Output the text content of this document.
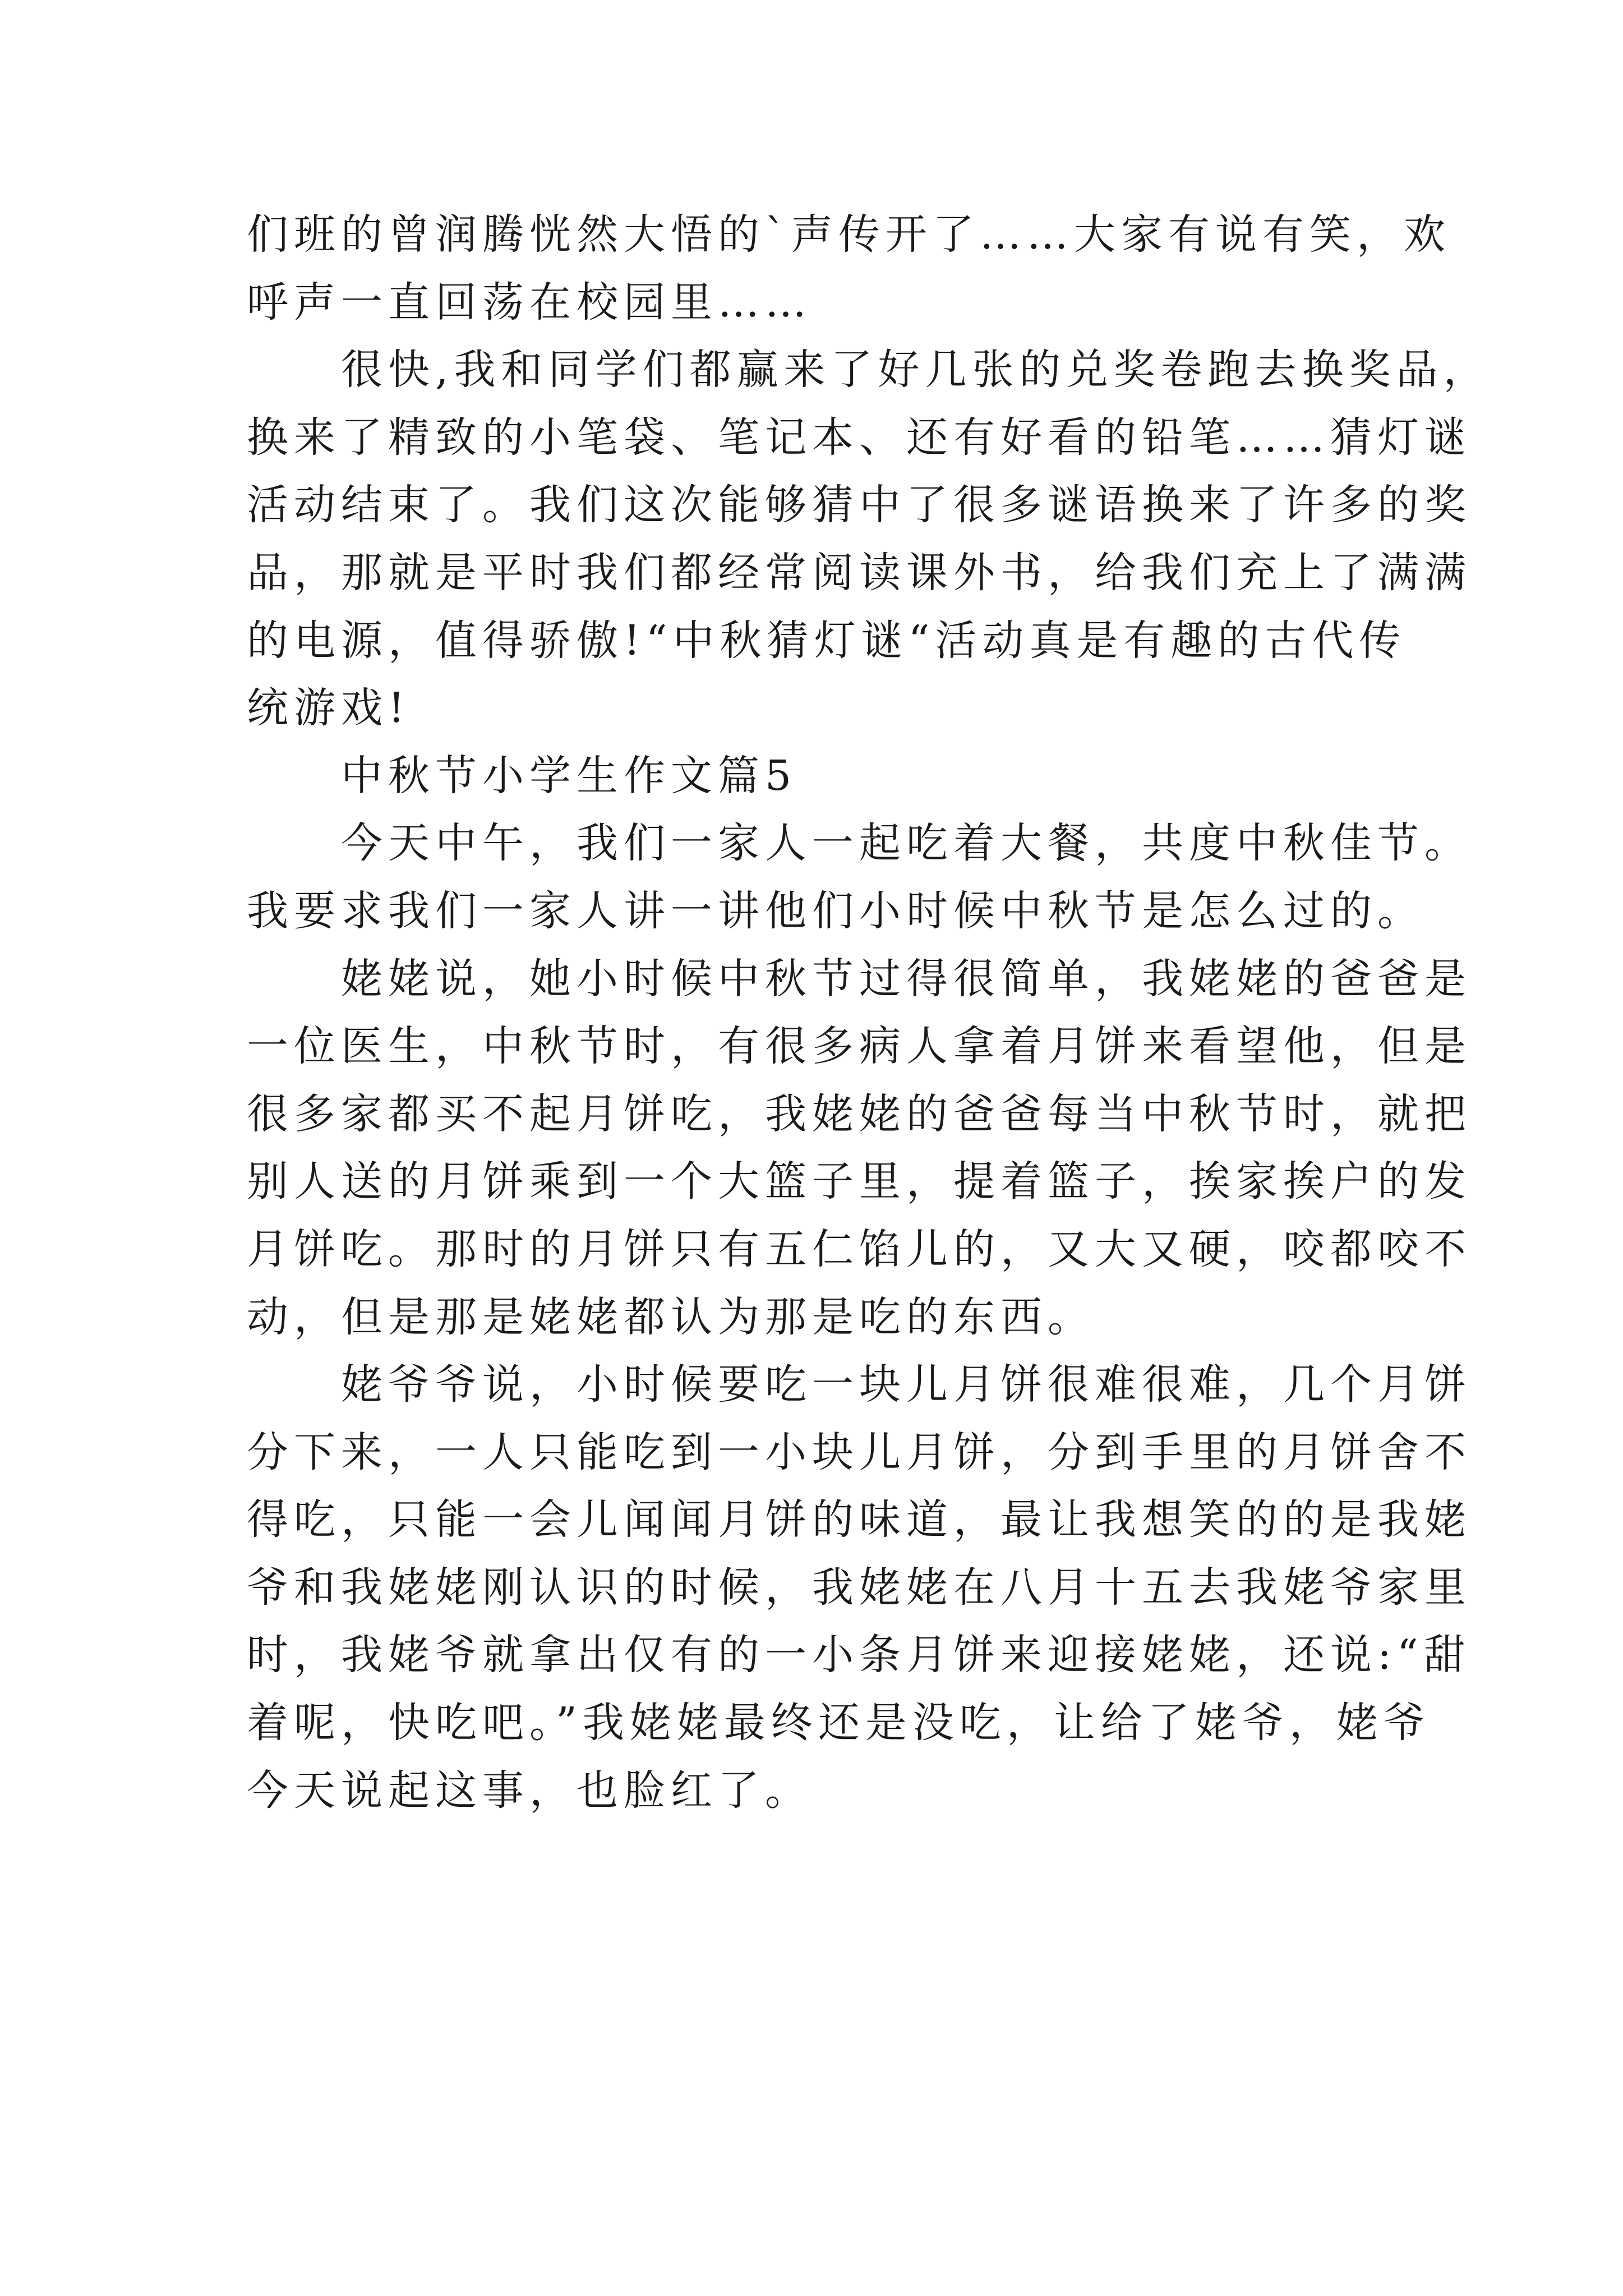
们班的曾润腾恍然大悟的`声传开了……大家有说有笑，欢
呼声一直回荡在校园里……
很快,我和同学们都赢来了好几张的兑奖卷跑去换奖品，
换来了精致的小笔袋、笔记本、还有好看的铅笔……猜灯谜
活动结束了。我们这次能够猜中了很多谜语换来了许多的奖
品，那就是平时我们都经常阅读课外书，给我们充上了满满
的电源，值得骄傲!“中秋猜灯谜“活动真是有趣的古代传
统游戏!
中秋节小学生作文篇5
今天中午，我们一家人一起吃着大餐，共度中秋佳节。
我要求我们一家人讲一讲他们小时候中秋节是怎么过的。
姥姥说，她小时候中秋节过得很简单，我姥姥的爸爸是
一位医生，中秋节时，有很多病人拿着月饼来看望他，但是
很多家都买不起月饼吃，我姥姥的爸爸每当中秋节时，就把
别人送的月饼乘到一个大篮子里，提着篮子，挨家挨户的发
月饼吃。那时的月饼只有五仁馅儿的，又大又硬，咬都咬不
动，但是那是姥姥都认为那是吃的东西。
姥爷爷说，小时候要吃一块儿月饼很难很难，几个月饼
分下来，一人只能吃到一小块儿月饼，分到手里的月饼舍不
得吃，只能一会儿闻闻月饼的味道，最让我想笑的的是我姥
爷和我姥姥刚认识的时候，我姥姥在八月十五去我姥爷家里
时，我姥爷就拿出仅有的一小条月饼来迎接姥姥，还说:“甜
着呢，快吃吧。”我姥姥最终还是没吃，让给了姥爷，姥爷
今天说起这事，也脸红了。
